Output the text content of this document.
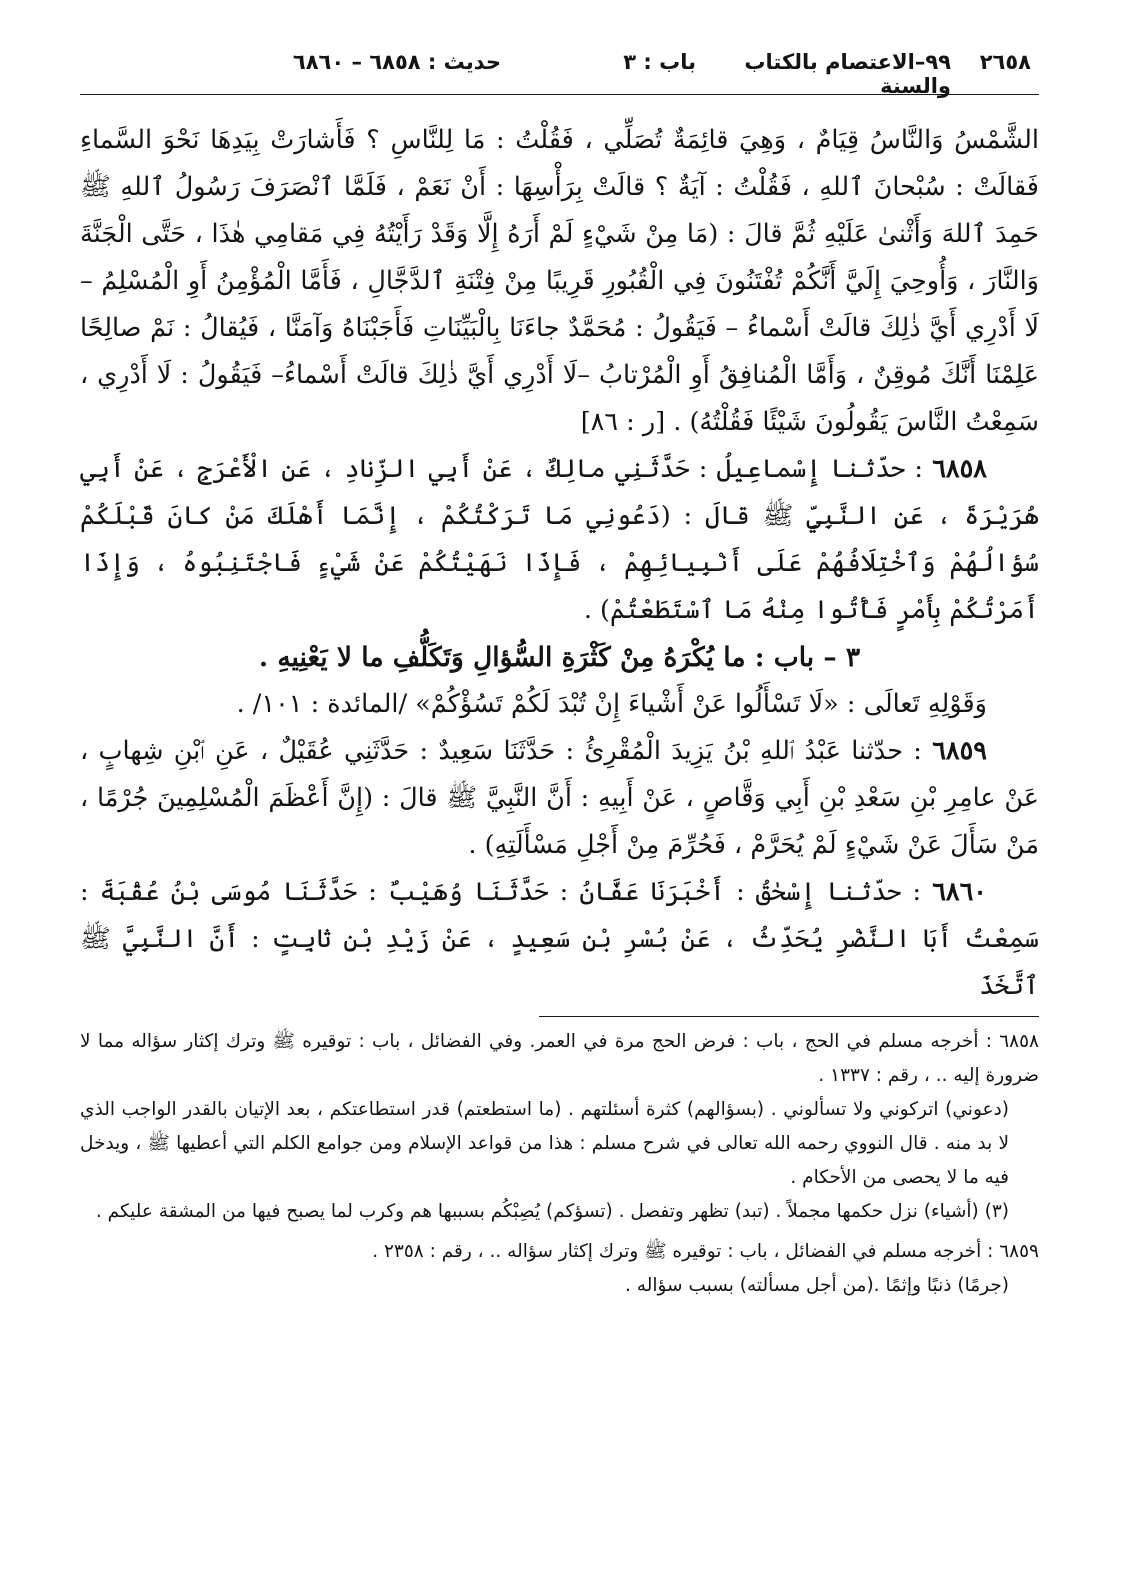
٢٦٥٨
٩٩–الاعتصام بالكتاب والسنة
باب : ٣
حديث : ٦٨٥٨ – ٦٨٦٠

الشَّمْسُ وَالنَّاسُ قِيَامٌ ، وَهِيَ قائِمَةٌ تُصَلِّي ، فَقُلْتُ : مَا لِلنَّاسِ ؟ فَأَشارَتْ بِيَدِهَا نَحْوَ السَّماءِ فَقالَتْ : سُبْحانَ ٱللهِ ، فَقُلْتُ : آيَةٌ ؟ قالَتْ بِرَأْسِهَا : أَنْ نَعَمْ ، فَلَمَّا ٱنْصَرَفَ رَسُولُ ٱللهِ ﷺ حَمِدَ ٱللهَ وَأَثْنىٰ عَلَيْهِ ثُمَّ قالَ : (مَا مِنْ شَيْءٍ لَمْ أَرَهُ إِلَّا وَقَدْ رَأَيْتُهُ فِي مَقامِي هٰذَا ، حَتَّى الْجَنَّةَ وَالنَّارَ ، وَأُوحِيَ إِلَيَّ أَنَّكُمْ تُفْتَنُونَ فِي الْقُبُورِ قَرِيبًا مِنْ فِتْنَةِ ٱلدَّجَّالِ ، فَأَمَّا الْمُؤْمِنُ أَوِ الْمُسْلِمُ – لَا أَدْرِي أَيَّ ذٰلِكَ قالَتْ أَسْماءُ – فَيَقُولُ : مُحَمَّدٌ جاءَنَا بِالْبَيِّنَاتِ فَأَجَبْنَاهُ وَآمَنَّا ، فَيُقالُ : نَمْ صالِحًا عَلِمْنَا أَنَّكَ مُوقِنٌ ، وَأَمَّا الْمُنافِقُ أَوِ الْمُرْتابُ –لَا أَدْرِي أَيَّ ذٰلِكَ قالَتْ أَسْماءُ– فَيَقُولُ : لَا أَدْرِي ، سَمِعْتُ النَّاسَ يَقُولُونَ شَيْئًا فَقُلْتُهُ) . [ر : ٨٦]

٦٨٥٨ : حدّثنا إِسْماعِيلُ : حَدَّثَنِي مالِكٌ ، عَنْ أَبِي الزِّنادِ ، عَنِ الْأَعْرَجِ ، عَنْ أَبِي هُرَيْرَةَ ، عَنِ النَّبِيِّ ﷺ قالَ : (دَعُونِي مَا تَرَكْتُكُمْ ، إِنَّمَا أَهْلَكَ مَنْ كانَ قَبْلَكُمْ سُؤالُهُمْ وَٱخْتِلَافُهُمْ عَلَى أَنْبِيائِهِمْ ، فَإِذَا نَهَيْتُكُمْ عَنْ شَيْءٍ فَاجْتَنِبُوهُ ، وَإِذَا أَمَرْتُكُمْ بِأَمْرٍ فَأْتُوا مِنْهُ مَا ٱسْتَطَعْتُمْ) .

٣ – باب : ما يُكْرَهُ مِنْ كَثْرَةِ السُّؤالِ وَتَكَلُّفِ ما لا يَعْنِيهِ .

وَقَوْلِهِ تَعالَى : «لَا تَسْأَلُوا عَنْ أَشْياءَ إِنْ تُبْدَ لَكُمْ تَسُؤْكُمْ» /المائدة : ١٠١/ .

٦٨٥٩ : حدّثنا عَبْدُ ٱللهِ بْنُ يَزِيدَ الْمُقْرِئُ : حَدَّثَنَا سَعِيدٌ : حَدَّثَنِي عُقَيْلٌ ، عَنِ ٱبْنِ شِهابٍ ، عَنْ عامِرِ بْنِ سَعْدِ بْنِ أَبِي وَقَّاصٍ ، عَنْ أَبِيهِ : أَنَّ النَّبِيَّ ﷺ قالَ : (إِنَّ أَعْظَمَ الْمُسْلِمِينَ جُرْمًا ، مَنْ سَأَلَ عَنْ شَيْءٍ لَمْ يُحَرَّمْ ، فَحُرِّمَ مِنْ أَجْلِ مَسْأَلَتِهِ) .

٦٨٦٠ : حدّثنا إِسْحٰقُ : أَخْبَرَنَا عَفَّانُ : حَدَّثَنَا وُهَيْبٌ : حَدَّثَنَا مُوسَى بْنُ عُقْبَةَ : سَمِعْتُ أَبَا النَّضْرِ يُحَدِّثُ ، عَنْ بُسْرِ بْنِ سَعِيدٍ ، عَنْ زَيْدِ بْنِ ثابِتٍ : أَنَّ النَّبِيَّ ﷺ ٱتَّخَذَ

٦٨٥٨ : أخرجه مسلم في الحج ، باب : فرض الحج مرة في العمر. وفي الفضائل ، باب : توقيره ﷺ وترك إكثار سؤاله مما لا ضرورة إليه .. ، رقم : ١٣٣٧ .

(دعوني) اتركوني ولا تسألوني . (بسؤالهم) كثرة أسئلتهم . (ما استطعتم) قدر استطاعتكم ، بعد الإتيان بالقدر الواجب الذي لا بد منه . قال النووي رحمه الله تعالى في شرح مسلم : هذا من قواعد الإسلام ومن جوامع الكلم التي أعطيها ﷺ ، ويدخل فيه ما لا يحصى من الأحكام .

(٣) (أشياء) نزل حكمها مجملاً . (تبد) تظهر وتفصل . (تسؤكم) يُصِبْكُم بسببها هم وكرب لما يصبح فيها من المشقة عليكم .

٦٨٥٩ : أخرجه مسلم في الفضائل ، باب : توقيره ﷺ وترك إكثار سؤاله .. ، رقم : ٢٣٥٨ .

(جرمًا) ذنبًا وإثمًا .(من أجل مسألته) بسبب سؤاله .
